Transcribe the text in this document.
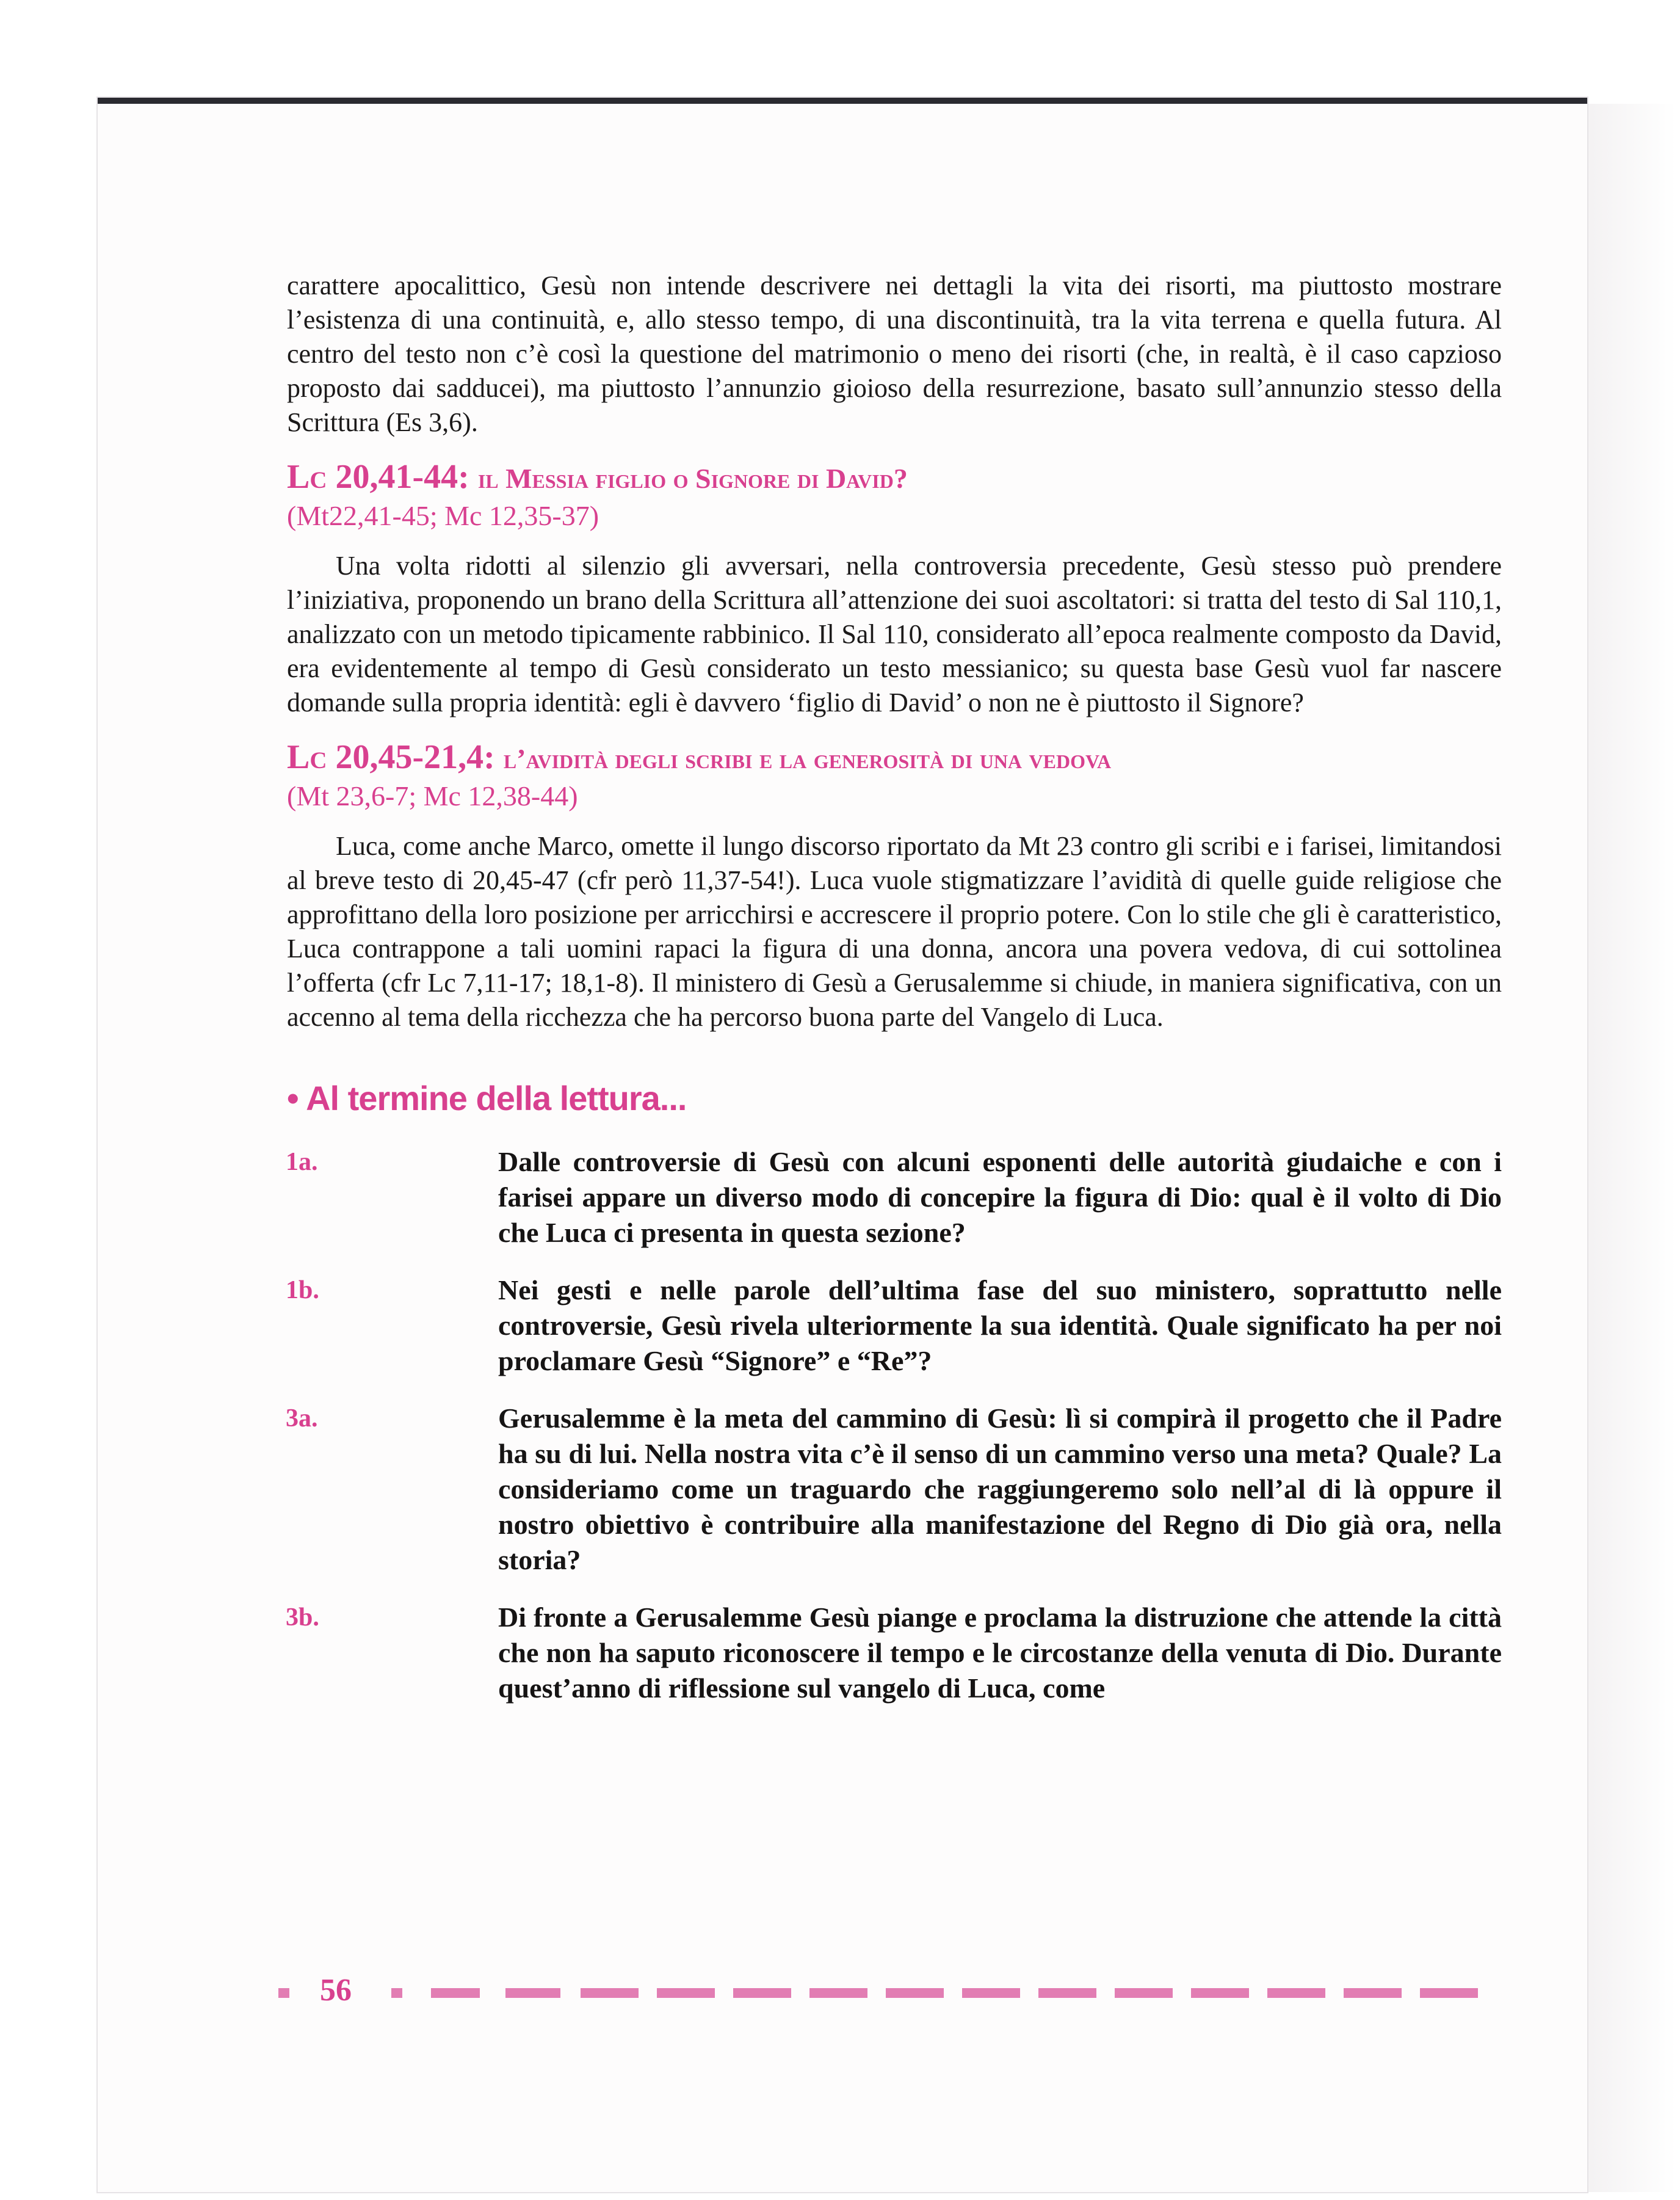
carattere apocalittico, Gesù non intende descrivere nei dettagli la vita dei risorti, ma piuttosto mostrare l’esistenza di una continuità, e, allo stesso tempo, di una discontinuità, tra la vita terrena e quella futura. Al centro del testo non c’è così la questione del matrimonio o meno dei risorti (che, in realtà, è il caso capzioso proposto dai sadducei), ma piuttosto l’annunzio gioioso della resurrezione, basato sull’annunzio stesso della Scrittura (Es 3,6).

Lc 20,41-44: il Messia figlio o Signore di David?
(Mt22,41-45; Mc 12,35-37)

Una volta ridotti al silenzio gli avversari, nella controversia precedente, Gesù stesso può prendere l’iniziativa, proponendo un brano della Scrittura all’attenzione dei suoi ascoltatori: si tratta del testo di Sal 110,1, analizzato con un metodo tipicamente rabbinico. Il Sal 110, considerato all’epoca realmente composto da David, era evidentemente al tempo di Gesù considerato un testo messianico; su questa base Gesù vuol far nascere domande sulla propria identità: egli è davvero ‘figlio di David’ o non ne è piuttosto il Signore?

Lc 20,45-21,4: l’avidità degli scribi e la generosità di una vedova
(Mt 23,6-7; Mc 12,38-44)

Luca, come anche Marco, omette il lungo discorso riportato da Mt 23 contro gli scribi e i farisei, limitandosi al breve testo di 20,45-47 (cfr però 11,37-54!). Luca vuole stigmatizzare l’avidità di quelle guide religiose che approfittano della loro posizione per arricchirsi e accrescere il proprio potere. Con lo stile che gli è caratteristico, Luca contrappone a tali uomini rapaci la figura di una donna, ancora una povera vedova, di cui sottolinea l’offerta (cfr Lc 7,11-17; 18,1-8). Il ministero di Gesù a Gerusalemme si chiude, in maniera significativa, con un accenno al tema della ricchezza che ha percorso buona parte del Vangelo di Luca.

• Al termine della lettura...
1a.	Dalle controversie di Gesù con alcuni esponenti delle autorità giudaiche e con i farisei appare un diverso modo di concepire la figura di Dio: qual è il volto di Dio che Luca ci presenta in questa sezione?
1b.	Nei gesti e nelle parole dell’ultima fase del suo ministero, soprattutto nelle controversie, Gesù rivela ulteriormente la sua identità. Quale significato ha per noi proclamare Gesù “Signore” e “Re”?
3a.	Gerusalemme è la meta del cammino di Gesù: lì si compirà il progetto che il Padre ha su di lui. Nella nostra vita c’è il senso di un cammino verso una meta? Quale? La consideriamo come un traguardo che raggiungeremo solo nell’al di là oppure il nostro obiettivo è contribuire alla manifestazione del Regno di Dio già ora, nella storia?
3b.	Di fronte a Gerusalemme Gesù piange e proclama la distruzione che attende la città che non ha saputo riconoscere il tempo e le circostanze della venuta di Dio. Durante quest’anno di riflessione sul vangelo di Luca, come
56
